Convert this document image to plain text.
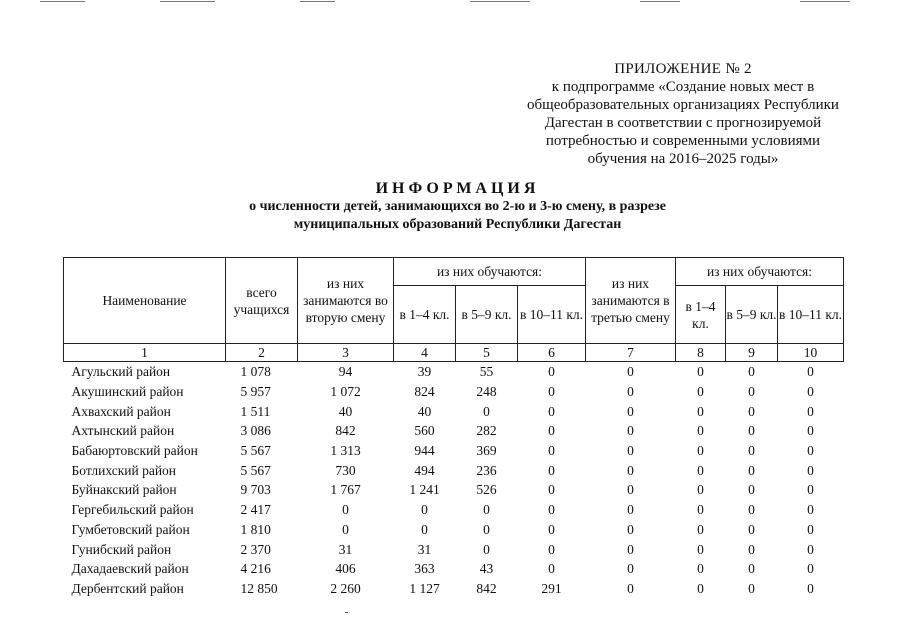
ПРИЛОЖЕНИЕ № 2
к подпрограмме «Создание новых мест в
общеобразовательных организациях Республики
Дагестан в соответствии с прогнозируемой
потребностью и современными условиями
обучения на 2016–2025 годы»
ИНФОРМАЦИЯ
о численности детей, занимающихся во 2-ю и 3-ю смену, в разрезе
муниципальных образований Республики Дагестан
Наименование	всего учащихся	из них занимаются во вторую смену	из них обучаются:			из них занимаются в третью смену	из них обучаются:		
			в 1–4 кл.	в 5–9 кл.	в 10–11 кл.		в 1–4 кл.	в 5–9 кл.	в 10–11 кл.
1	2	3	4	5	6	7	8	9	10
Агульский район	1 078	94	39	55	0	0	0	0	0
Акушинский район	5 957	1 072	824	248	0	0	0	0	0
Ахвахский район	1 511	40	40	0	0	0	0	0	0
Ахтынский район	3 086	842	560	282	0	0	0	0	0
Бабаюртовский район	5 567	1 313	944	369	0	0	0	0	0
Ботлихский район	5 567	730	494	236	0	0	0	0	0
Буйнакский район	9 703	1 767	1 241	526	0	0	0	0	0
Гергебильский район	2 417	0	0	0	0	0	0	0	0
Гумбетовский район	1 810	0	0	0	0	0	0	0	0
Гунибский район	2 370	31	31	0	0	0	0	0	0
Дахадаевский район	4 216	406	363	43	0	0	0	0	0
Дербентский район	12 850	2 260	1 127	842	291	0	0	0	0
